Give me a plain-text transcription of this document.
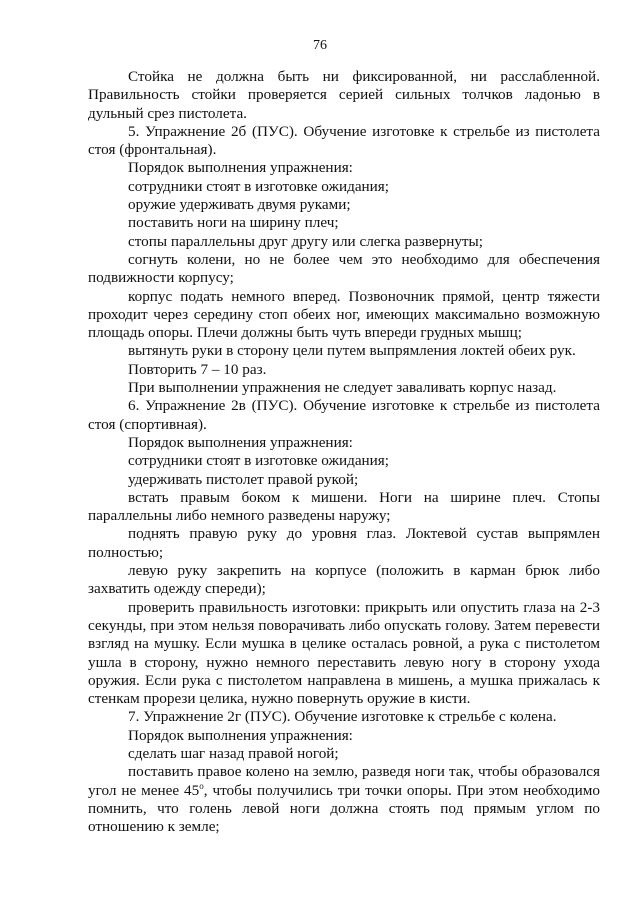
76

Стойка не должна быть ни фиксированной, ни расслабленной. Правильность стойки проверяется серией сильных толчков ладонью в дульный срез пистолета.

5. Упражнение 2б (ПУС). Обучение изготовке к стрельбе из пистолета стоя (фронтальная).

Порядок выполнения упражнения:

сотрудники стоят в изготовке ожидания;

оружие удерживать двумя руками;

поставить ноги на ширину плеч;

стопы параллельны друг другу или слегка развернуты;

согнуть колени, но не более чем это необходимо для обеспечения подвижности корпусу;

корпус подать немного вперед. Позвоночник прямой, центр тяжести проходит через середину стоп обеих ног, имеющих максимально возможную площадь опоры. Плечи должны быть чуть впереди грудных мышц;

вытянуть руки в сторону цели путем выпрямления локтей обеих рук.

Повторить 7 – 10 раз.

При выполнении упражнения не следует заваливать корпус назад.

6. Упражнение 2в (ПУС). Обучение изготовке к стрельбе из пистолета стоя (спортивная).

Порядок выполнения упражнения:

сотрудники стоят в изготовке ожидания;

удерживать пистолет правой рукой;

встать правым боком к мишени. Ноги на ширине плеч. Стопы параллельны либо немного разведены наружу;

поднять правую руку до уровня глаз. Локтевой сустав выпрямлен полностью;

левую руку закрепить на корпусе (положить в карман брюк либо захватить одежду спереди);

проверить правильность изготовки: прикрыть или опустить глаза на 2-3 секунды, при этом нельзя поворачивать либо опускать голову. Затем перевести взгляд на мушку. Если мушка в целике осталась ровной, а рука с пистолетом ушла в сторону, нужно немного переставить левую ногу в сторону ухода оружия. Если рука с пистолетом направлена в мишень, а мушка прижалась к стенкам прорези целика, нужно повернуть оружие в кисти.

7. Упражнение 2г (ПУС). Обучение изготовке к стрельбе с колена.

Порядок выполнения упражнения:

сделать шаг назад правой ногой;

поставить правое колено на землю, разведя ноги так, чтобы образовался угол не менее $45^о$, чтобы получились три точки опоры. При этом необходимо помнить, что голень левой ноги должна стоять под прямым углом по отношению к земле;
